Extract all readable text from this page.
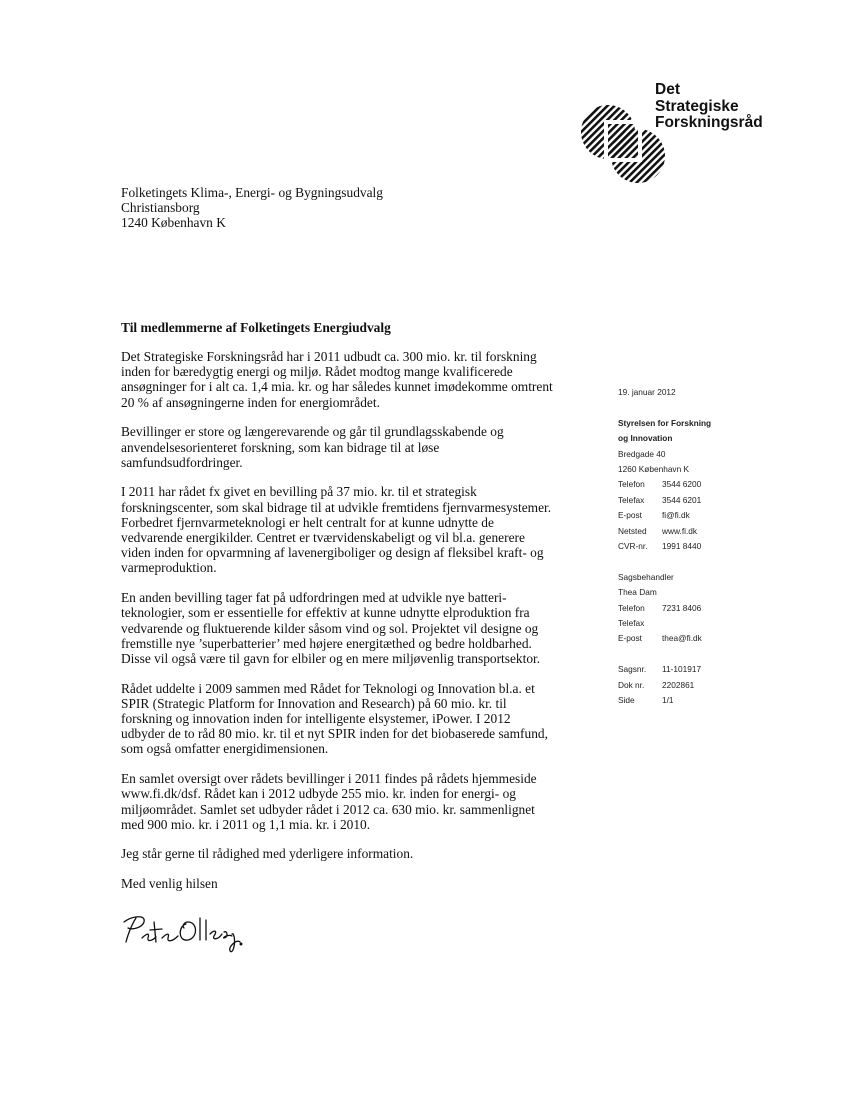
Det
Strategiske
Forskningsråd
Folketingets Klima-, Energi- og Bygningsudvalg
Christiansborg
1240 København K
Til medlemmerne af Folketingets Energiudvalg

Det Strategiske Forskningsråd har i 2011 udbudt ca. 300 mio. kr. til forskning
inden for bæredygtig energi og miljø. Rådet modtog mange kvalificerede
ansøgninger for i alt ca. 1,4 mia. kr. og har således kunnet imødekomme omtrent
20 % af ansøgningerne inden for energiområdet.

Bevillinger er store og længerevarende og går til grundlagsskabende og
anvendelsesorienteret forskning, som kan bidrage til at løse
samfundsudfordringer.

I 2011 har rådet fx givet en bevilling på 37 mio. kr. til et strategisk
forskningscenter, som skal bidrage til at udvikle fremtidens fjernvarmesystemer.
Forbedret fjernvarmeteknologi er helt centralt for at kunne udnytte de
vedvarende energikilder. Centret er tværvidenskabeligt og vil bl.a. generere
viden inden for opvarmning af lavenergiboliger og design af fleksibel kraft- og
varmeproduktion.

En anden bevilling tager fat på udfordringen med at udvikle nye batteri-
teknologier, som er essentielle for effektiv at kunne udnytte elproduktion fra
vedvarende og fluktuerende kilder såsom vind og sol. Projektet vil designe og
fremstille nye ’superbatterier’ med højere energitæthed og bedre holdbarhed.
Disse vil også være til gavn for elbiler og en mere miljøvenlig transportsektor.

Rådet uddelte i 2009 sammen med Rådet for Teknologi og Innovation bl.a. et
SPIR (Strategic Platform for Innovation and Research) på 60 mio. kr. til
forskning og innovation inden for intelligente elsystemer, iPower. I 2012
udbyder de to råd 80 mio. kr. til et nyt SPIR inden for det biobaserede samfund,
som også omfatter energidimensionen.

En samlet oversigt over rådets bevillinger i 2011 findes på rådets hjemmeside
www.fi.dk/dsf. Rådet kan i 2012 udbyde 255 mio. kr. inden for energi- og
miljøområdet. Samlet set udbyder rådet i 2012 ca. 630 mio. kr. sammenlignet
med 900 mio. kr. i 2011 og 1,1 mia. kr. i 2010.

Jeg står gerne til rådighed med yderligere information.

Med venlig hilsen

19. januar 2012
Styrelsen for Forskning
og Innovation
Bredgade 40
1260 København K
Telefon	3544 6200
Telefax	3544 6201
E-post	fi@fi.dk
Netsted	www.fi.dk
CVR-nr.	1991 8440
Sagsbehandler
Thea Dam
Telefon	7231 8406
Telefax
E-post	thea@fi.dk
Sagsnr.	11-101917
Dok nr.	2202861
Side	1/1
